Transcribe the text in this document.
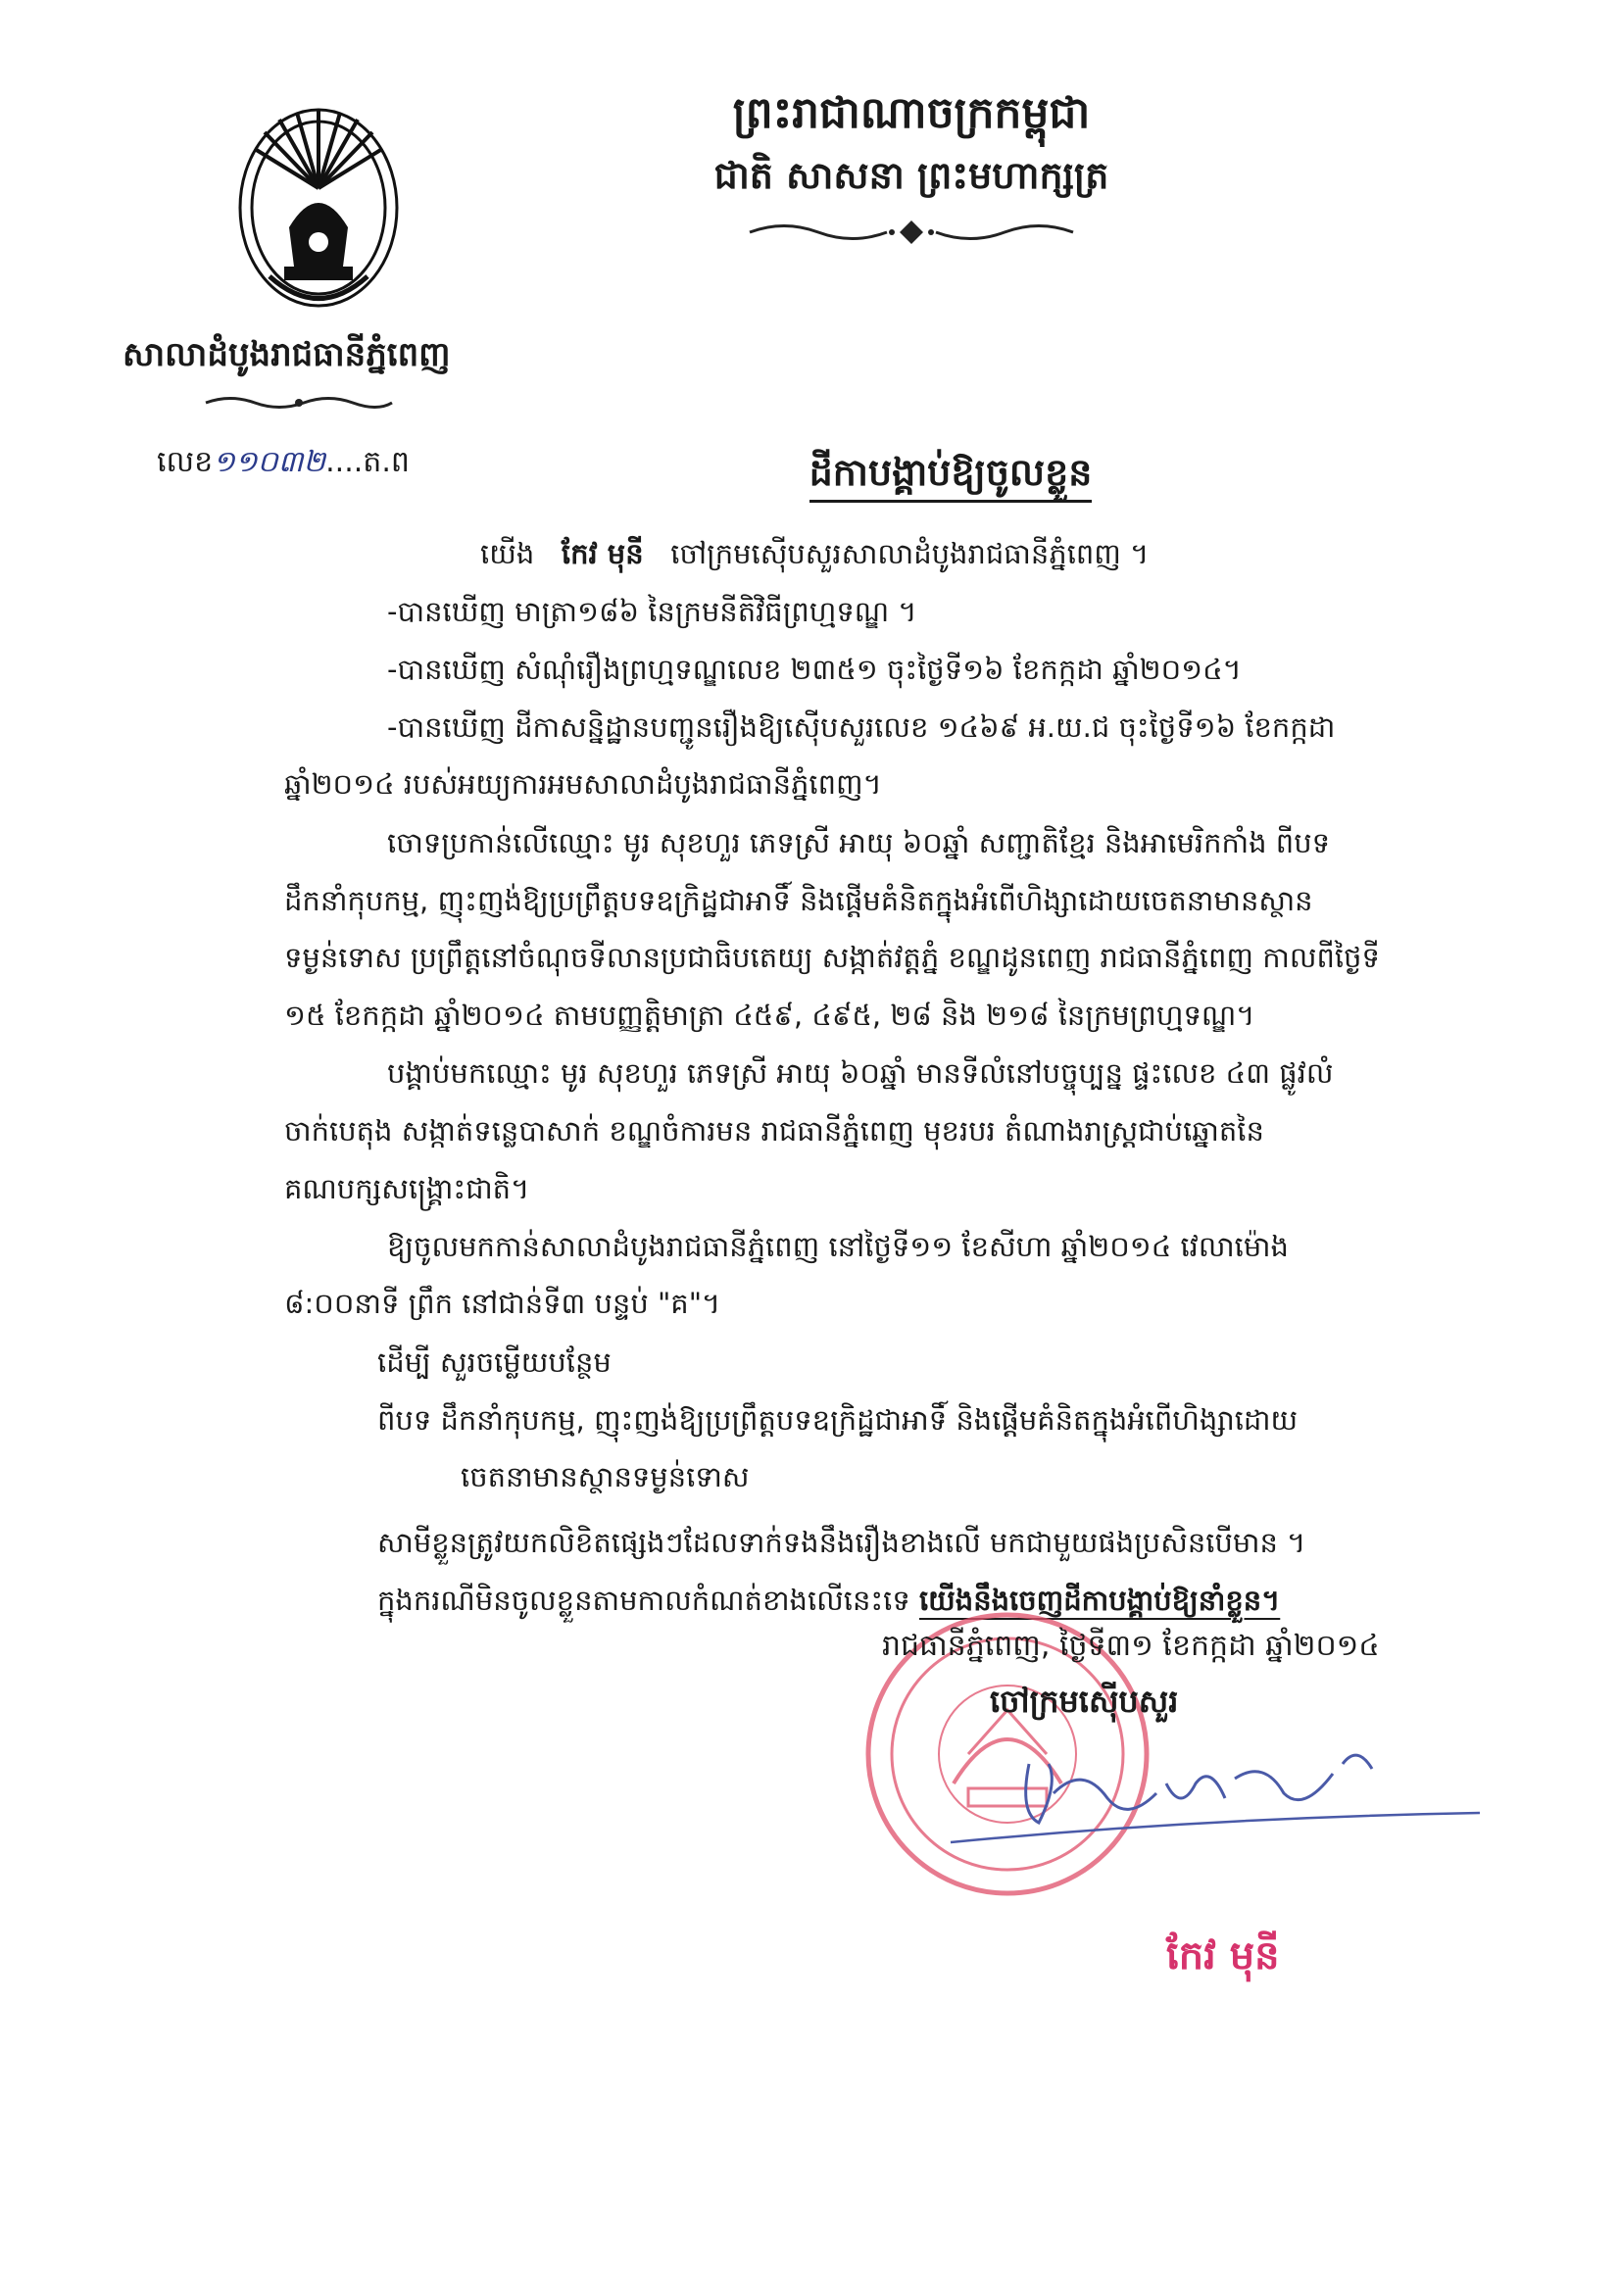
សាលាដំបូងរាជធានីភ្នំពេញ
ព្រះរាជាណាចក្រកម្ពុជា
ជាតិ សាសនា ព្រះមហាក្សត្រ
លេខ១១០៣២....ត.ព	ដីកាបង្គាប់ឱ្យចូលខ្លួន
យើង កែវ មុនី ចៅក្រមស៊ើបសួរសាលាដំបូងរាជធានីភ្នំពេញ ។
-បានឃើញ មាត្រា១៨៦ នៃក្រមនីតិវិធីព្រហ្មទណ្ឌ ។
-បានឃើញ សំណុំរឿងព្រហ្មទណ្ឌលេខ ២៣៥១ ចុះថ្ងៃទី១៦ ខែកក្កដា ឆ្នាំ២០១៤។
-បានឃើញ ដីកាសន្និដ្ឋានបញ្ជូនរឿងឱ្យស៊ើបសួរលេខ ១៤៦៩ អ.យ.ជ ចុះថ្ងៃទី១៦ ខែកក្កដា
ឆ្នាំ២០១៤ របស់អយ្យការអមសាលាដំបូងរាជធានីភ្នំពេញ។
ចោទប្រកាន់លើឈ្មោះ មូរ សុខហួរ ភេទស្រី អាយុ ៦០ឆ្នាំ សញ្ជាតិខ្មែរ និងអាមេរិកកាំង ពីបទ
ដឹកនាំកុបកម្ម, ញុះញង់ឱ្យប្រព្រឹត្តបទឧក្រិដ្ឋជាអាទិ៍ និងផ្តើមគំនិតក្នុងអំពើហិង្សាដោយចេតនាមានស្ថាន
ទម្ងន់ទោស ប្រព្រឹត្តនៅចំណុចទីលានប្រជាធិបតេយ្យ សង្កាត់វត្តភ្នំ ខណ្ឌដូនពេញ រាជធានីភ្នំពេញ កាលពីថ្ងៃទី
១៥ ខែកក្កដា ឆ្នាំ២០១៤ តាមបញ្ញត្តិមាត្រា ៤៥៩, ៤៩៥, ២៨ និង ២១៨ នៃក្រមព្រហ្មទណ្ឌ។
បង្គាប់មកឈ្មោះ មូរ សុខហួរ ភេទស្រី អាយុ ៦០ឆ្នាំ មានទីលំនៅបច្ចុប្បន្ន ផ្ទះលេខ ៤៣ ផ្លូវលំ
ចាក់បេតុង សង្កាត់ទន្លេបាសាក់ ខណ្ឌចំការមន រាជធានីភ្នំពេញ មុខរបរ តំណាងរាស្រ្តជាប់ឆ្នោតនៃ
គណបក្សសង្គ្រោះជាតិ។
ឱ្យចូលមកកាន់សាលាដំបូងរាជធានីភ្នំពេញ នៅថ្ងៃទី១១ ខែសីហា ឆ្នាំ២០១៤ វេលាម៉ោង
៨:០០នាទី ព្រឹក នៅជាន់ទី៣ បន្ទប់ "គ"។
ដើម្បី សួរចម្លើយបន្ថែម
ពីបទ ដឹកនាំកុបកម្ម, ញុះញង់ឱ្យប្រព្រឹត្តបទឧក្រិដ្ឋជាអាទិ៍ និងផ្តើមគំនិតក្នុងអំពើហិង្សាដោយ
ចេតនាមានស្ថានទម្ងន់ទោស
សាមីខ្លួនត្រូវយកលិខិតផ្សេងៗដែលទាក់ទងនឹងរឿងខាងលើ មកជាមួយផងប្រសិនបើមាន ។
ក្នុងករណីមិនចូលខ្លួនតាមកាលកំណត់ខាងលើនេះទេ យើងនឹងចេញដីកាបង្គាប់ឱ្យនាំខ្លួន។
រាជធានីភ្នំពេញ, ថ្ងៃទី៣១ ខែកក្កដា ឆ្នាំ២០១៤
ចៅក្រមស៊ើបសួរ
កែវ មុនី
